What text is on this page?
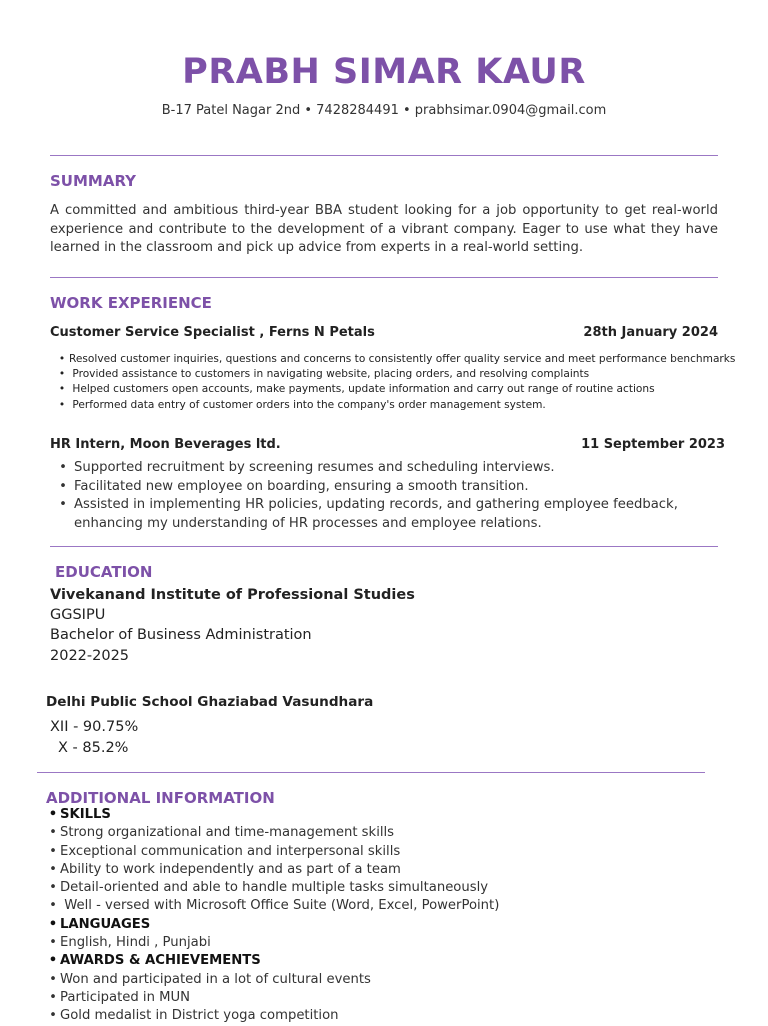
PRABH SIMAR KAUR
B-17 Patel Nagar 2nd • 7428284491 • prabhsimar.0904@gmail.com
SUMMARY
A committed and ambitious third-year BBA student looking for a job opportunity to get real-world experience and contribute to the development of a vibrant company. Eager to use what they have learned in the classroom and pick up advice from experts in a real-world setting.
WORK EXPERIENCE
Customer Service Specialist , Ferns N Petals	28th January 2024
• Resolved customer inquiries, questions and concerns to consistently offer quality service and meet performance benchmarks
• Provided assistance to customers in navigating website, placing orders, and resolving complaints
• Helped customers open accounts, make payments, update information and carry out range of routine actions
• Performed data entry of customer orders into the company's order management system.
HR Intern, Moon Beverages ltd.	11 September 2023
• Supported recruitment by screening resumes and scheduling interviews.
• Facilitated new employee on boarding, ensuring a smooth transition.
• Assisted in implementing HR policies, updating records, and gathering employee feedback,
enhancing my understanding of HR processes and employee relations.
EDUCATION
Vivekanand Institute of Professional Studies
GGSIPU
Bachelor of Business Administration
2022-2025
Delhi Public School Ghaziabad Vasundhara
XII - 90.75%
X - 85.2%
ADDITIONAL INFORMATION
• SKILLS
• Strong organizational and time-management skills
• Exceptional communication and interpersonal skills
• Ability to work independently and as part of a team
• Detail-oriented and able to handle multiple tasks simultaneously
• Well - versed with Microsoft Office Suite (Word, Excel, PowerPoint)
• LANGUAGES
• English, Hindi , Punjabi
• AWARDS & ACHIEVEMENTS
• Won and participated in a lot of cultural events
• Participated in MUN
• Gold medalist in District yoga competition
